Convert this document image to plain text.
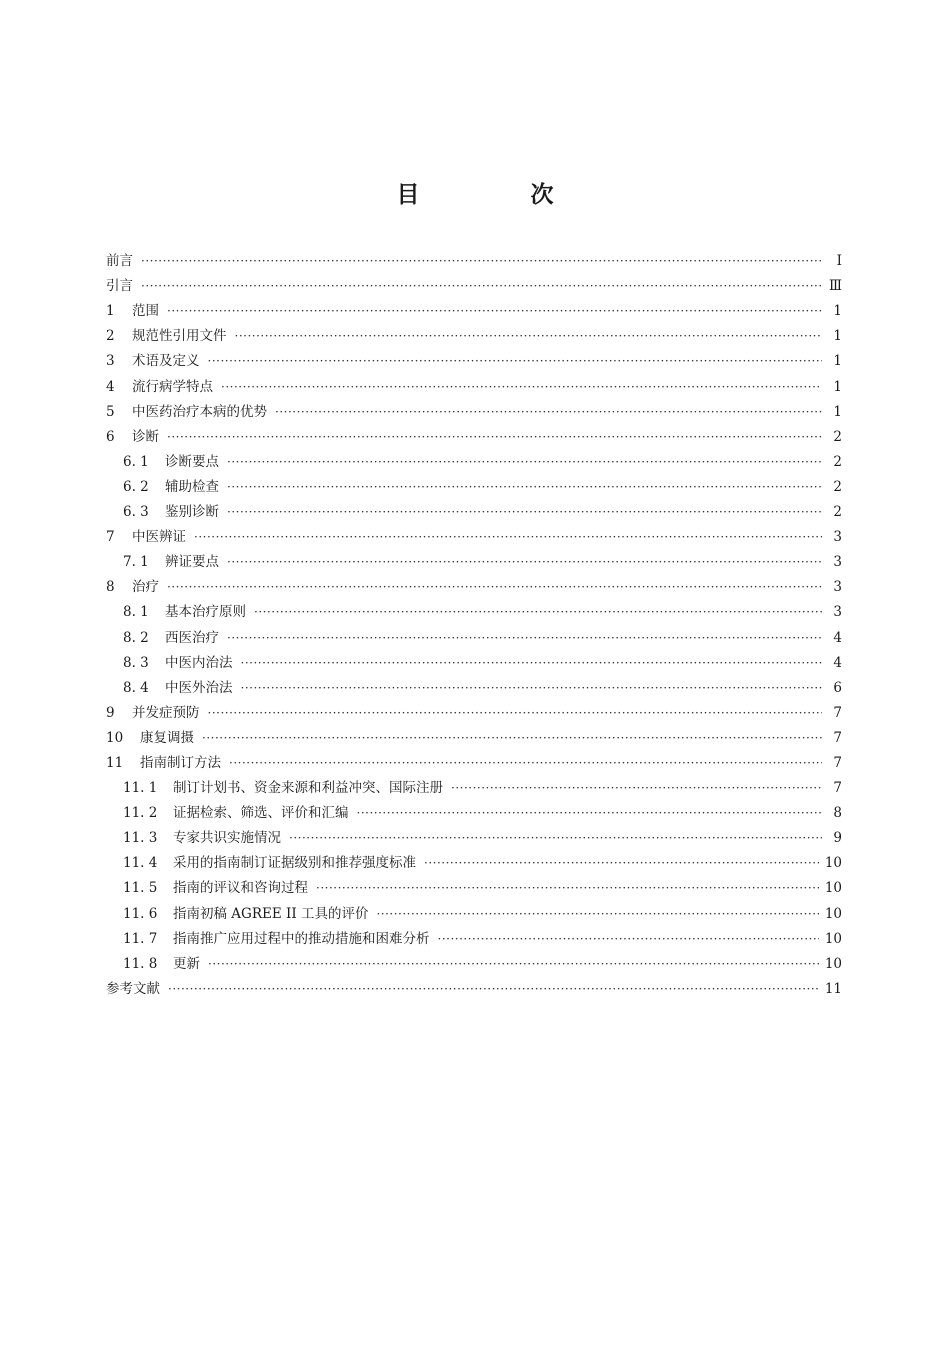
目　次
前言 ·····	Ⅰ
引言 ·····	Ⅲ
1	范围 ·····	1
2	规范性引用文件 ·····	1
3	术语及定义 ·····	1
4	流行病学特点 ·····	1
5	中医药治疗本病的优势 ·····	1
6	诊断 ·····	2
6. 1	诊断要点 ·····	2
6. 2	辅助检查 ·····	2
6. 3	鉴别诊断 ·····	2
7	中医辨证 ·····	3
7. 1	辨证要点 ·····	3
8	治疗 ·····	3
8. 1	基本治疗原则 ·····	3
8. 2	西医治疗 ·····	4
8. 3	中医内治法 ·····	4
8. 4	中医外治法 ·····	6
9	并发症预防 ·····	7
10	康复调摄 ·····	7
11	指南制订方法 ·····	7
11. 1	制订计划书、资金来源和利益冲突、国际注册 ·····	7
11. 2	证据检索、筛选、评价和汇编 ·····	8
11. 3	专家共识实施情况 ·····	9
11. 4	采用的指南制订证据级别和推荐强度标准 ·····	10
11. 5	指南的评议和咨询过程 ·····	10
11. 6	指南初稿 AGREE II 工具的评价 ·····	10
11. 7	指南推广应用过程中的推动措施和困难分析 ·····	10
11. 8	更新 ·····	10
参考文献 ·····	11
